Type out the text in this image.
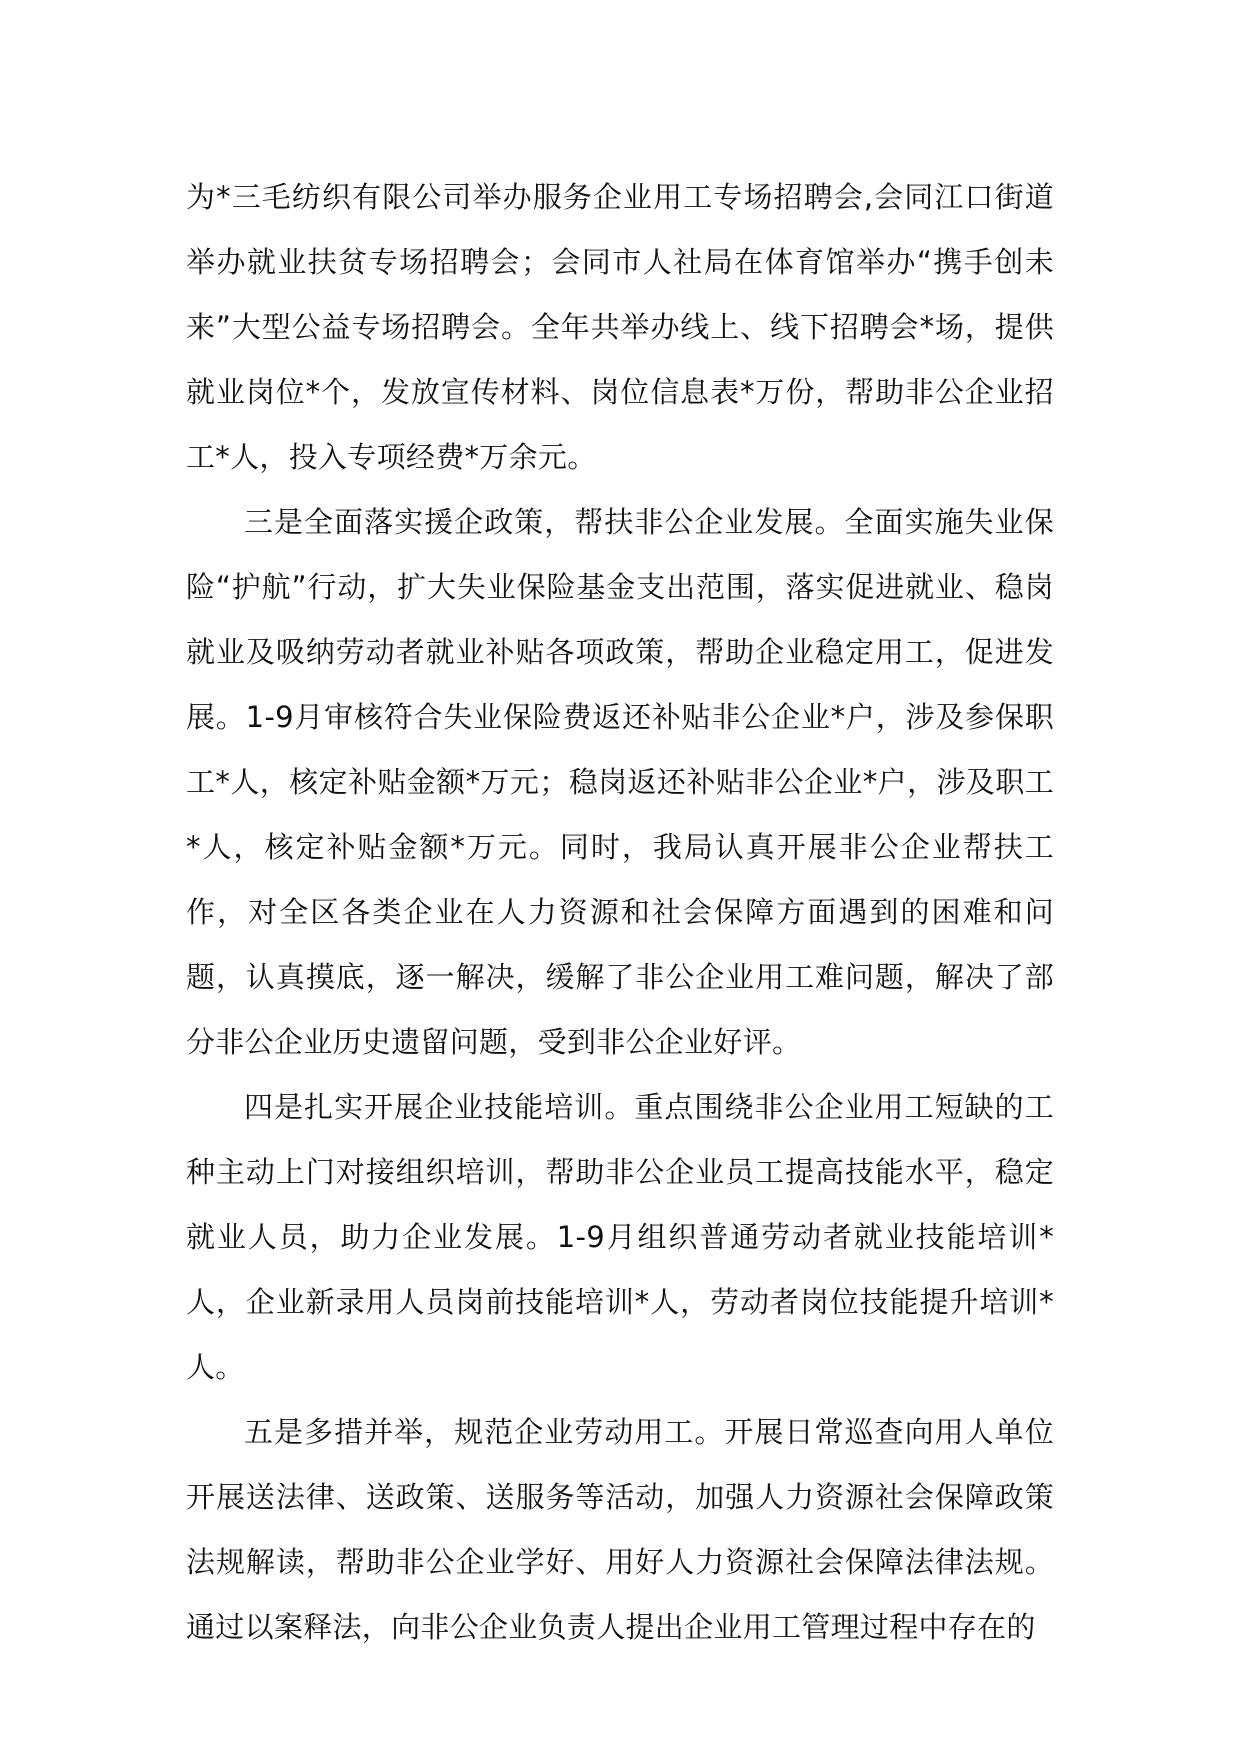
为*三毛纺织有限公司举办服务企业用工专场招聘会,会同江口街道举办就业扶贫专场招聘会；会同市人社局在体育馆举办“携手创未来”大型公益专场招聘会。全年共举办线上、线下招聘会*场，提供就业岗位*个，发放宣传材料、岗位信息表*万份，帮助非公企业招工*人，投入专项经费*万余元。

三是全面落实援企政策，帮扶非公企业发展。全面实施失业保险“护航”行动，扩大失业保险基金支出范围，落实促进就业、稳岗就业及吸纳劳动者就业补贴各项政策，帮助企业稳定用工，促进发展。1-9月审核符合失业保险费返还补贴非公企业*户，涉及参保职工*人，核定补贴金额*万元；稳岗返还补贴非公企业*户，涉及职工*人，核定补贴金额*万元。同时，我局认真开展非公企业帮扶工作，对全区各类企业在人力资源和社会保障方面遇到的困难和问题，认真摸底，逐一解决，缓解了非公企业用工难问题，解决了部分非公企业历史遗留问题，受到非公企业好评。

四是扎实开展企业技能培训。重点围绕非公企业用工短缺的工种主动上门对接组织培训，帮助非公企业员工提高技能水平，稳定就业人员，助力企业发展。1-9月组织普通劳动者就业技能培训*人，企业新录用人员岗前技能培训*人，劳动者岗位技能提升培训*人。

五是多措并举，规范企业劳动用工。开展日常巡查向用人单位开展送法律、送政策、送服务等活动，加强人力资源社会保障政策法规解读，帮助非公企业学好、用好人力资源社会保障法律法规。通过以案释法，向非公企业负责人提出企业用工管理过程中存在的
